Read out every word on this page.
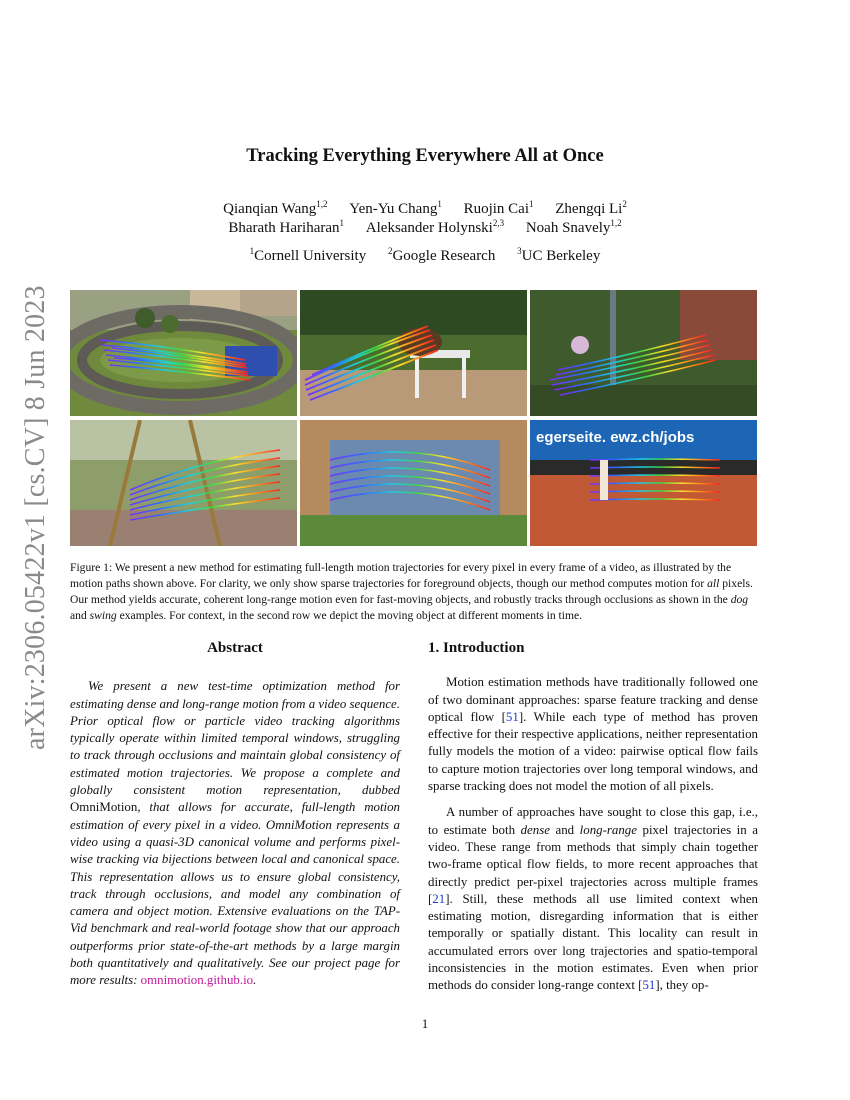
arXiv:2306.05422v1 [cs.CV] 8 Jun 2023
Tracking Everything Everywhere All at Once
Qianqian Wang$^{1,2}$ Yen-Yu Chang$^1$ Ruojin Cai$^1$ Zhengqi Li$^2$
Bharath Hariharan$^1$ Aleksander Holynski$^{2,3}$ Noah Snavely$^{1,2}$
$^1$Cornell University $^2$Google Research $^3$UC Berkeley
egerseite. ewz.ch/jobs
Figure 1: We present a new method for estimating full-length motion trajectories for every pixel in every frame of a video, as illustrated by the motion paths shown above. For clarity, we only show sparse trajectories for foreground objects, though our method computes motion for all pixels. Our method yields accurate, coherent long-range motion even for fast-moving objects, and robustly tracks through occlusions as shown in the dog and swing examples. For context, in the second row we depict the moving object at different moments in time.
Abstract
We present a new test-time optimization method for estimating dense and long-range motion from a video sequence. Prior optical flow or particle video tracking algorithms typically operate within limited temporal windows, struggling to track through occlusions and maintain global consistency of estimated motion trajectories. We propose a complete and globally consistent motion representation, dubbed OmniMotion, that allows for accurate, full-length motion estimation of every pixel in a video. OmniMotion represents a video using a quasi-3D canonical volume and performs pixel-wise tracking via bijections between local and canonical space. This representation allows us to ensure global consistency, track through occlusions, and model any combination of camera and object motion. Extensive evaluations on the TAP-Vid benchmark and real-world footage show that our approach outperforms prior state-of-the-art methods by a large margin both quantitatively and qualitatively. See our project page for more results: omnimotion.github.io.
1. Introduction

Motion estimation methods have traditionally followed one of two dominant approaches: sparse feature tracking and dense optical flow [51]. While each type of method has proven effective for their respective applications, neither representation fully models the motion of a video: pairwise optical flow fails to capture motion trajectories over long temporal windows, and sparse tracking does not model the motion of all pixels.

A number of approaches have sought to close this gap, i.e., to estimate both dense and long-range pixel trajectories in a video. These range from methods that simply chain together two-frame optical flow fields, to more recent approaches that directly predict per-pixel trajectories across multiple frames [21]. Still, these methods all use limited context when estimating motion, disregarding information that is either temporally or spatially distant. This locality can result in accumulated errors over long trajectories and spatio-temporal inconsistencies in the motion estimates. Even when prior methods do consider long-range context [51], they op-

1
